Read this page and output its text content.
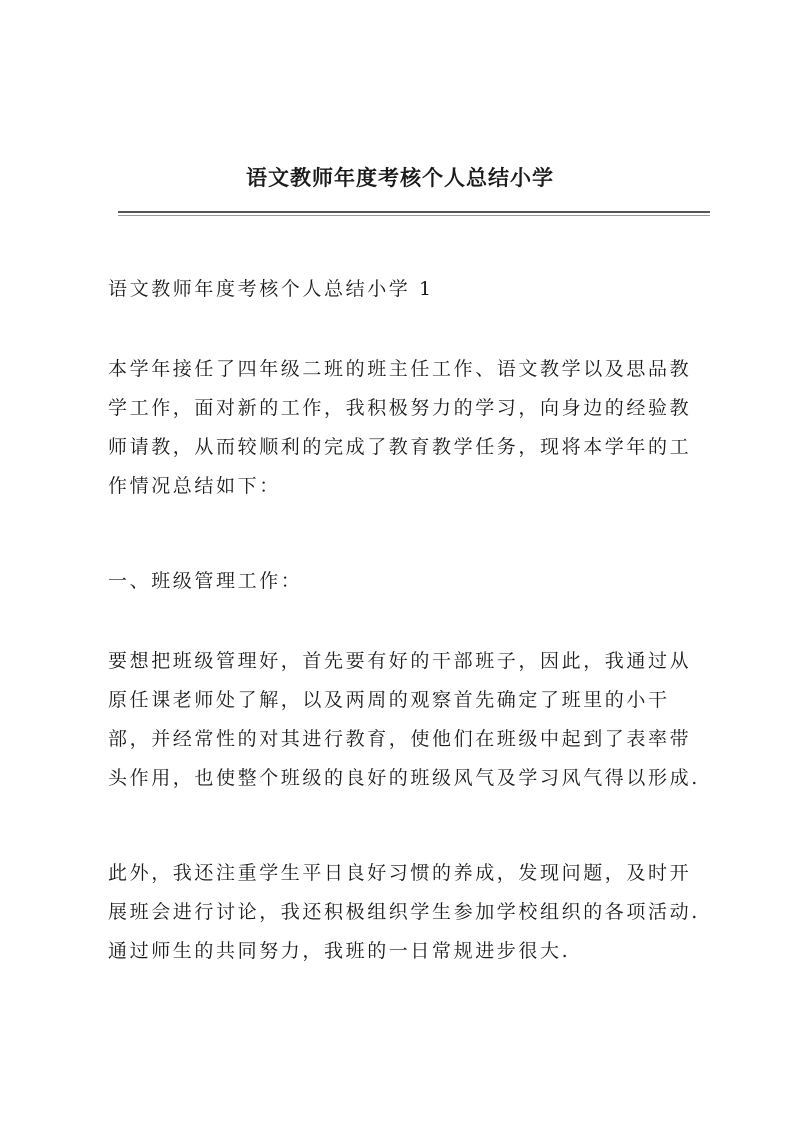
语文教师年度考核个人总结小学
语文教师年度考核个人总结小学 1
本学年接任了四年级二班的班主任工作、语文教学以及思品教学工作，面对新的工作，我积极努力的学习，向身边的经验教师请教，从而较顺利的完成了教育教学任务，现将本学年的工作情况总结如下：
一、班级管理工作：
要想把班级管理好，首先要有好的干部班子，因此，我通过从原任课老师处了解，以及两周的观察首先确定了班里的小干部，并经常性的对其进行教育，使他们在班级中起到了表率带头作用，也使整个班级的良好的班级风气及学习风气得以形成.
此外，我还注重学生平日良好习惯的养成，发现问题，及时开展班会进行讨论，我还积极组织学生参加学校组织的各项活动. 通过师生的共同努力，我班的一日常规进步很大.
